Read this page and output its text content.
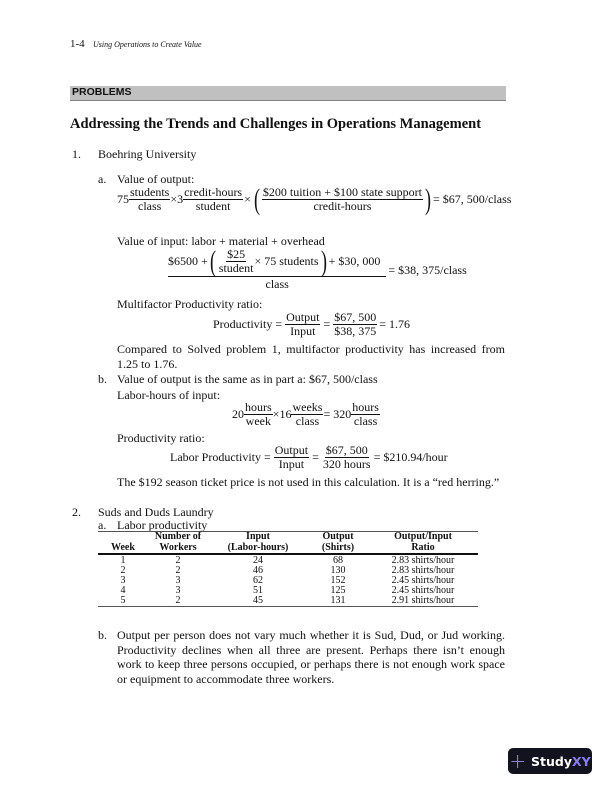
1-4 Using Operations to Create Value
PROBLEMS
Addressing the Trends and Challenges in Operations Management
1. Boehring University
a. Value of output:
$75 \frac{\text{students}}{\text{class}} \times 3 \frac{\text{credit-hours}}{\text{student}}$ × ( $\frac{\text{\$200 tuition + \$100 state support}}{\text{credit-hours}}$ ) = $67, 500/class
Value of input: labor + material + overhead
$6500 + ( $\frac{\$25}{\text{student}} \times 75$ students ) + $30, 000
class
= $38, 375/class
Multifactor Productivity ratio:
Productivity = $\frac{\text{Output}}{\text{Input}} = \frac{\$67, 500}{\$38, 375} = 1.76$
Compared to Solved problem 1, multifactor productivity has increased from 1.25 to 1.76.
b. Value of output is the same as in part a: $67, 500/class
Labor-hours of input:
$20 \frac{\text{hours}}{\text{week}} \times 16 \frac{\text{weeks}}{\text{class}} = 320 \frac{\text{hours}}{\text{class}}$
Productivity ratio:
Labor Productivity = $\frac{\text{Output}}{\text{Input}} = \frac{\$67, 500}{\text{320 hours}}$ = $210.94/hour
The $192 season ticket price is not used in this calculation. It is a “red herring.”
2. Suds and Duds Laundry
a. Labor productivity
Week

Number of
Workers

Input
(Labor-hours)

Output
(Shirts)

Output/Input
Ratio

1	2	24	68	2.83 shirts/hour
2	2	46	130	2.83 shirts/hour
3	3	62	152	2.45 shirts/hour
4	3	51	125	2.45 shirts/hour
5	2	45	131	2.91 shirts/hour
b. Output per person does not vary much whether it is Sud, Dud, or Jud working. Productivity declines when all three are present. Perhaps there isn’t enough work to keep three persons occupied, or perhaps there is not enough work space or equipment to accommodate three workers.
+ StudyXY
